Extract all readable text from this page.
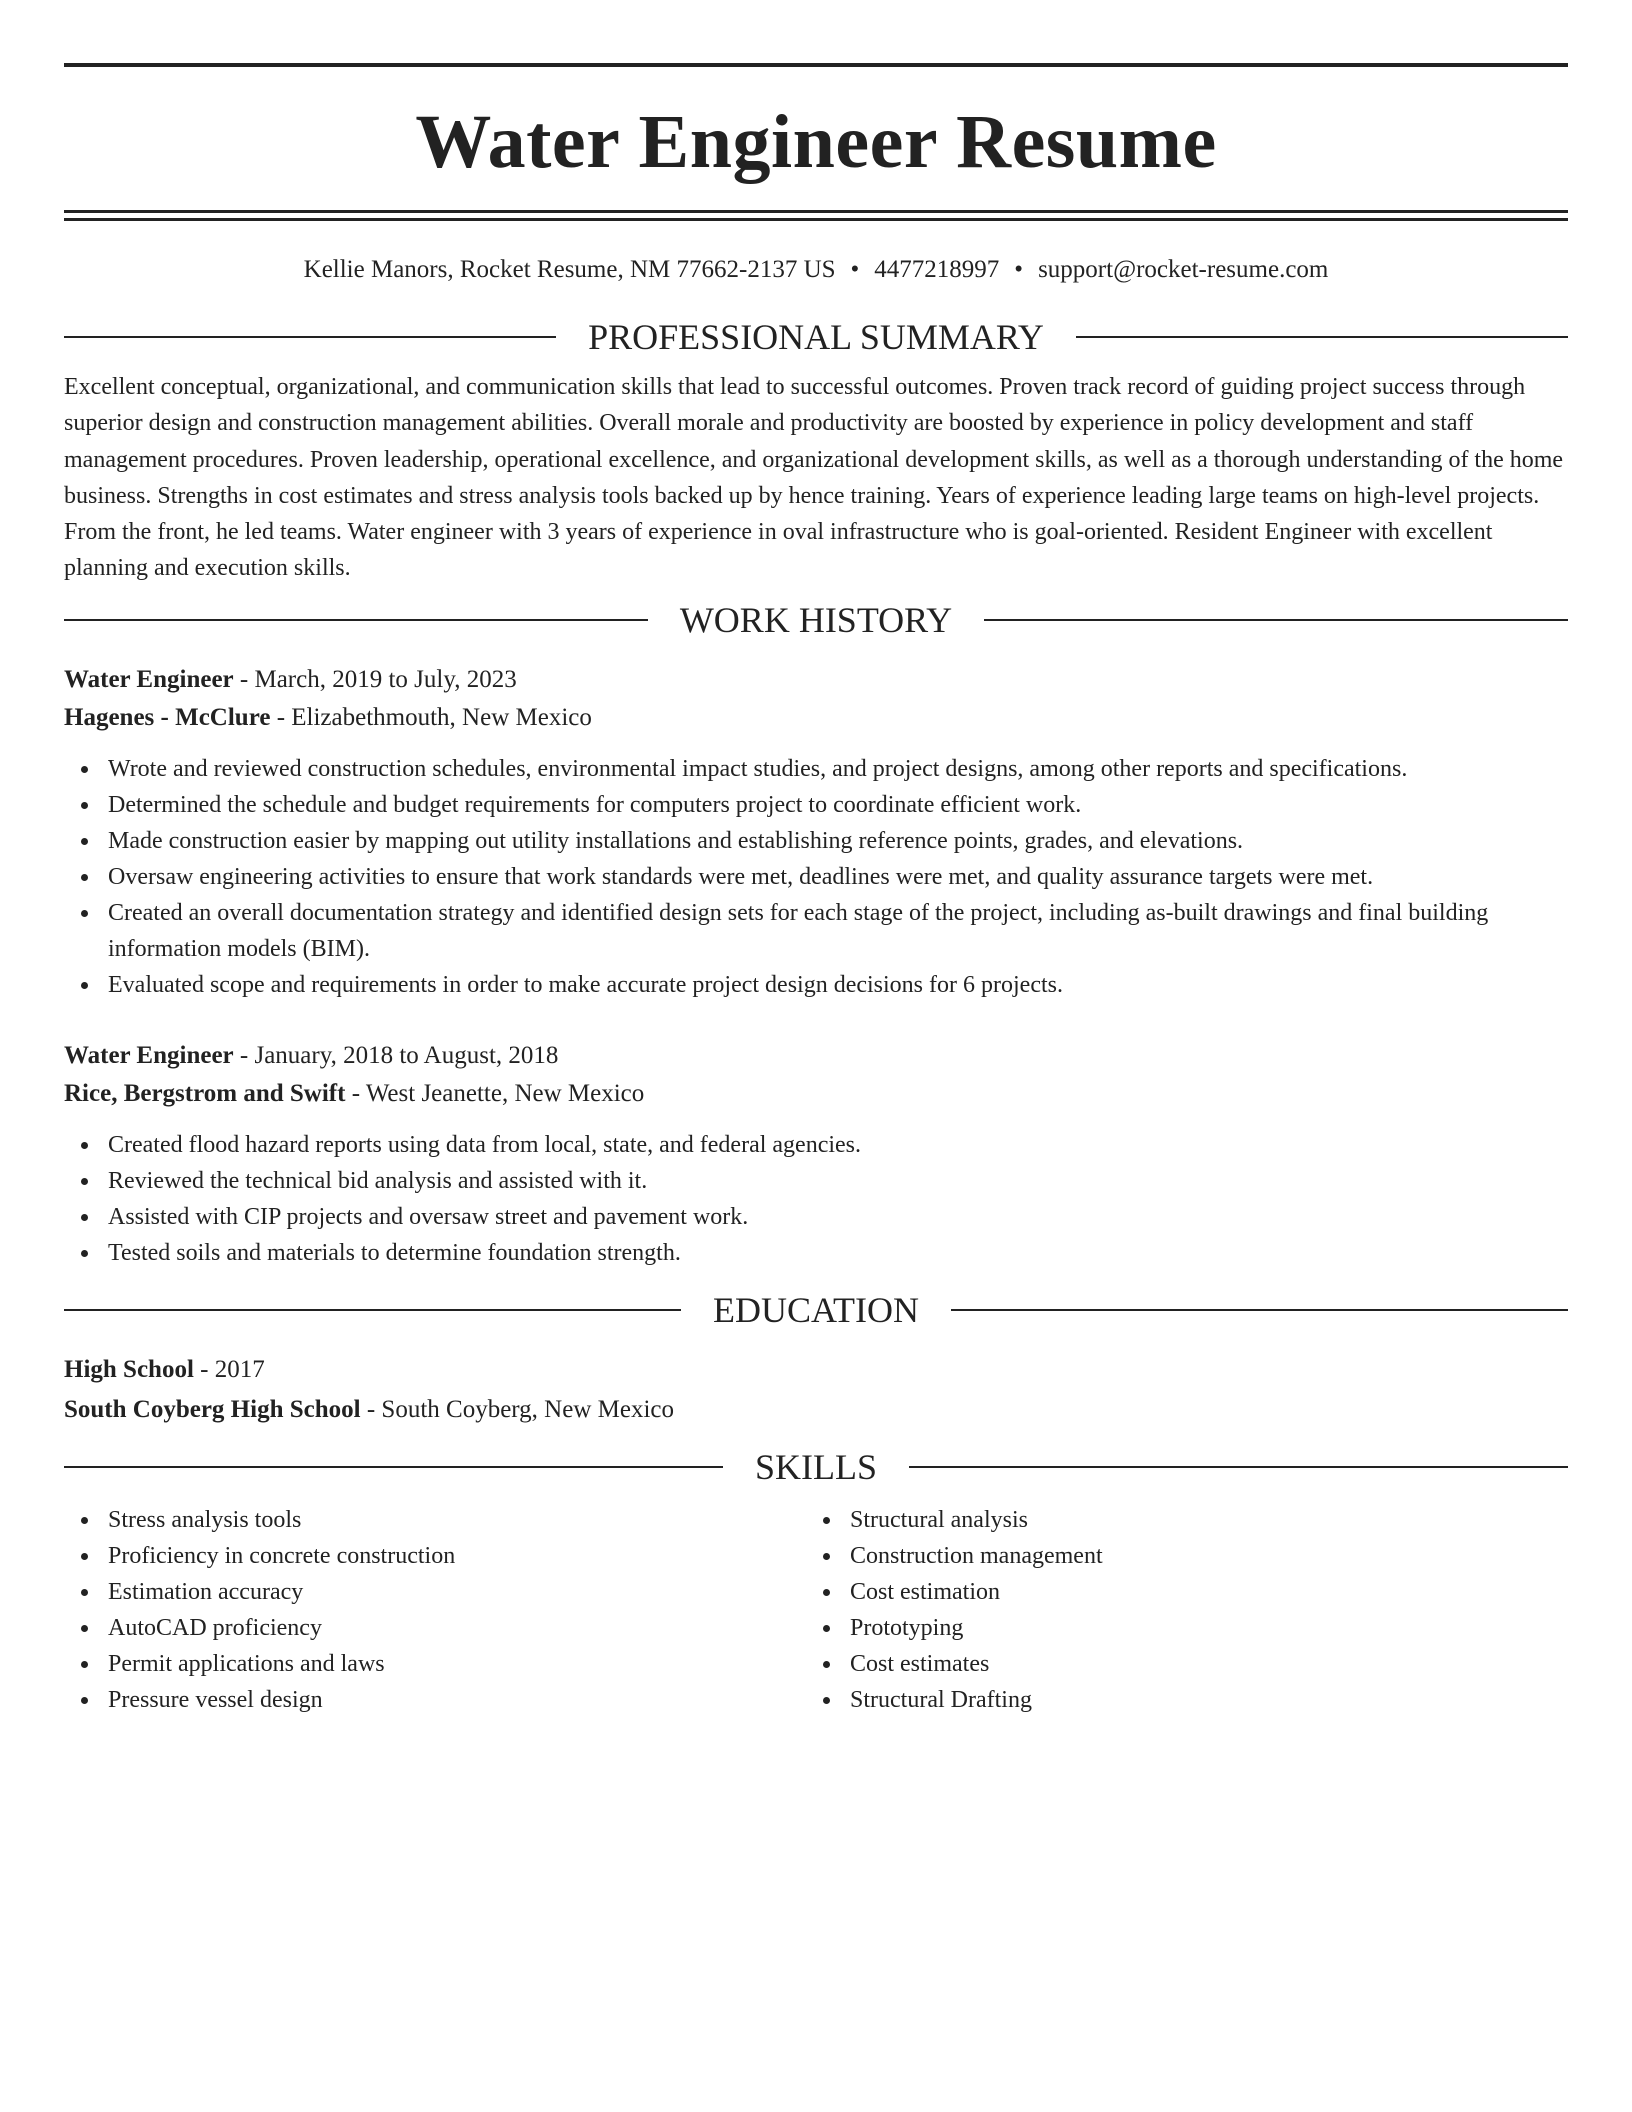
Water Engineer Resume
Kellie Manors, Rocket Resume, NM 77662-2137 US • 4477218997 • support@rocket-resume.com
PROFESSIONAL SUMMARY

Excellent conceptual, organizational, and communication skills that lead to successful outcomes. Proven track record of guiding project success through superior design and construction management abilities. Overall morale and productivity are boosted by experience in policy development and staff management procedures. Proven leadership, operational excellence, and organizational development skills, as well as a thorough understanding of the home business. Strengths in cost estimates and stress analysis tools backed up by hence training. Years of experience leading large teams on high-level projects. From the front, he led teams. Water engineer with 3 years of experience in oval infrastructure who is goal-oriented. Resident Engineer with excellent planning and execution skills.

WORK HISTORY
Water Engineer - March, 2019 to July, 2023
Hagenes - McClure - Elizabethmouth, New Mexico
Wrote and reviewed construction schedules, environmental impact studies, and project designs, among other reports and specifications.
Determined the schedule and budget requirements for computers project to coordinate efficient work.
Made construction easier by mapping out utility installations and establishing reference points, grades, and elevations.
Oversaw engineering activities to ensure that work standards were met, deadlines were met, and quality assurance targets were met.
Created an overall documentation strategy and identified design sets for each stage of the project, including as-built drawings and final building information models (BIM).
Evaluated scope and requirements in order to make accurate project design decisions for 6 projects.
Water Engineer - January, 2018 to August, 2018
Rice, Bergstrom and Swift - West Jeanette, New Mexico
Created flood hazard reports using data from local, state, and federal agencies.
Reviewed the technical bid analysis and assisted with it.
Assisted with CIP projects and oversaw street and pavement work.
Tested soils and materials to determine foundation strength.
EDUCATION
High School - 2017
South Coyberg High School - South Coyberg, New Mexico
SKILLS
Stress analysis tools
Proficiency in concrete construction
Estimation accuracy
AutoCAD proficiency
Permit applications and laws
Pressure vessel design
Structural analysis
Construction management
Cost estimation
Prototyping
Cost estimates
Structural Drafting
